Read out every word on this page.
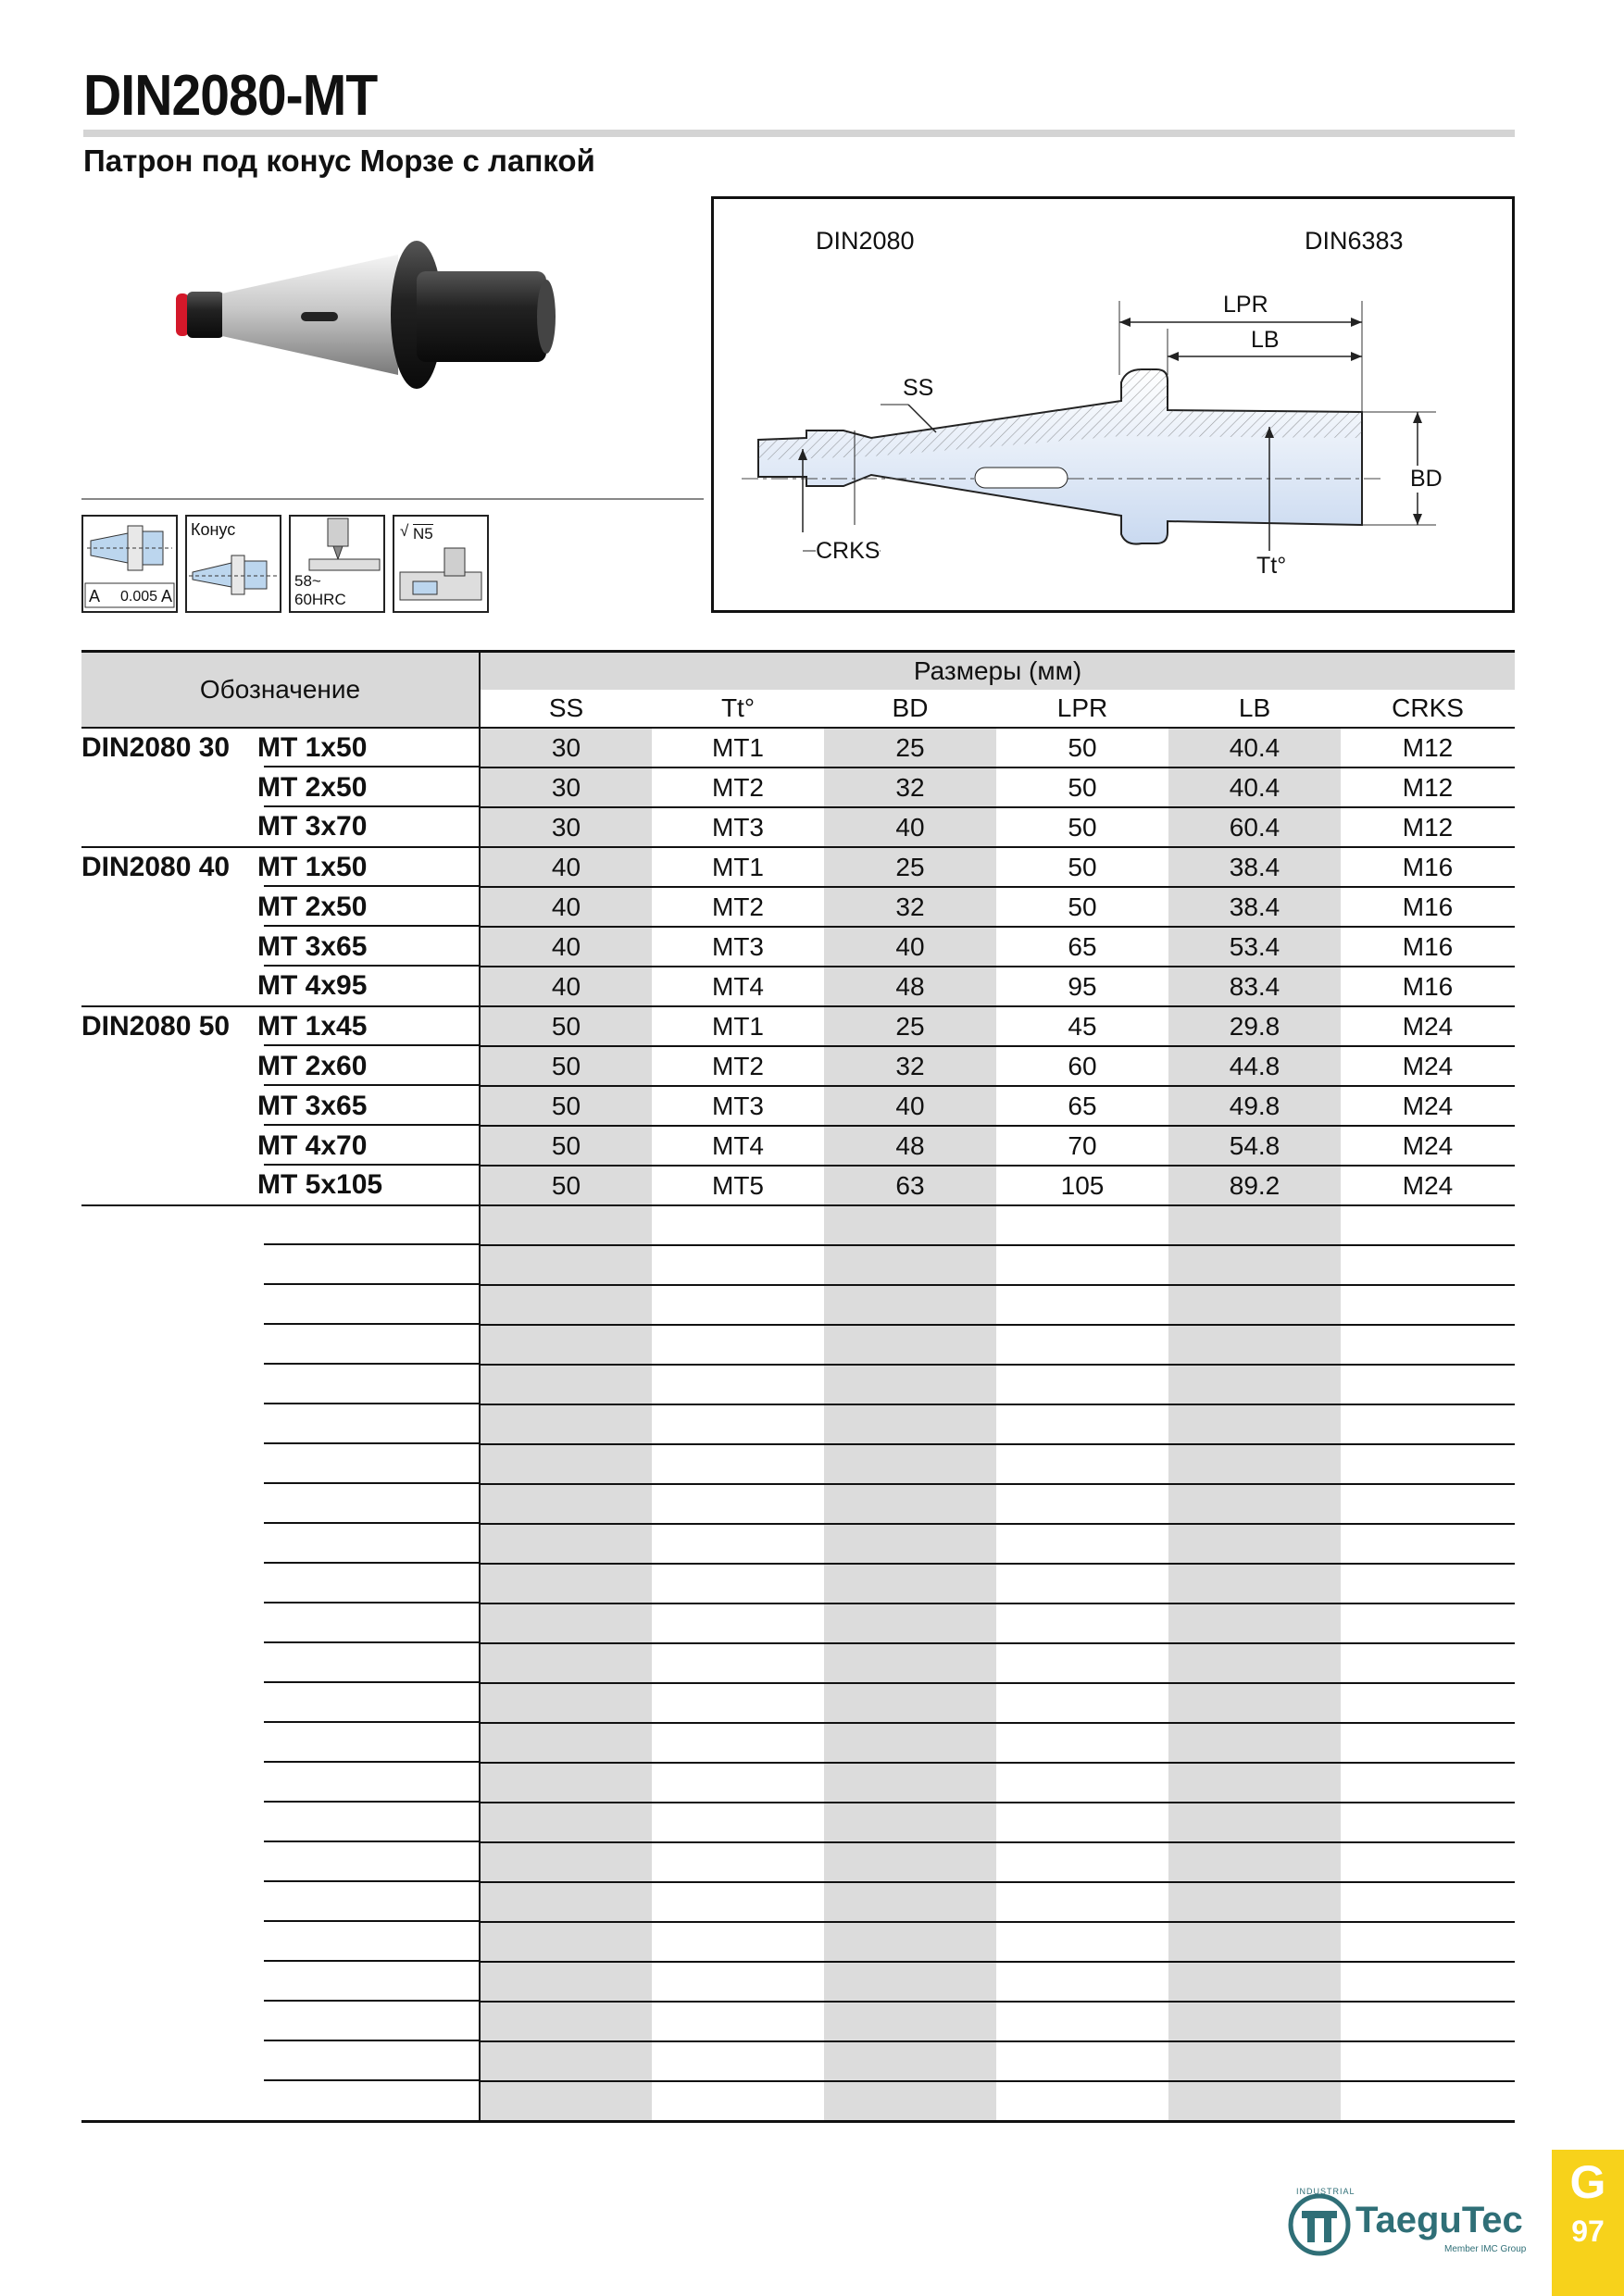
DIN2080-MT
Патрон под конус Морзе с лапкой
A 0.005 A
Конус
58~
60HRC
√ N5
DIN2080	DIN6383
LPR
LB
SS
BD
CRKS
Tt°
Обозначение	Размеры (мм)					
	SS	Tt°	BD	LPR	LB	CRKS
DIN2080 30 MT 1x50	30	MT1	25	50	40.4	M12
MT 2x50	30	MT2	32	50	40.4	M12
MT 3x70	30	MT3	40	50	60.4	M12
DIN2080 40 MT 1x50	40	MT1	25	50	38.4	M16
MT 2x50	40	MT2	32	50	38.4	M16
MT 3x65	40	MT3	40	65	53.4	M16
MT 4x95	40	MT4	48	95	83.4	M16
DIN2080 50 MT 1x45	50	MT1	25	45	29.8	M24
MT 2x60	50	MT2	32	60	44.8	M24
MT 3x65	50	MT3	40	65	49.8	M24
MT 4x70	50	MT4	48	70	54.8	M24
MT 5x105	50	MT5	63	105	89.2	M24

INDUSTRIAL
TaeguTec
Member IMC Group
G
97
